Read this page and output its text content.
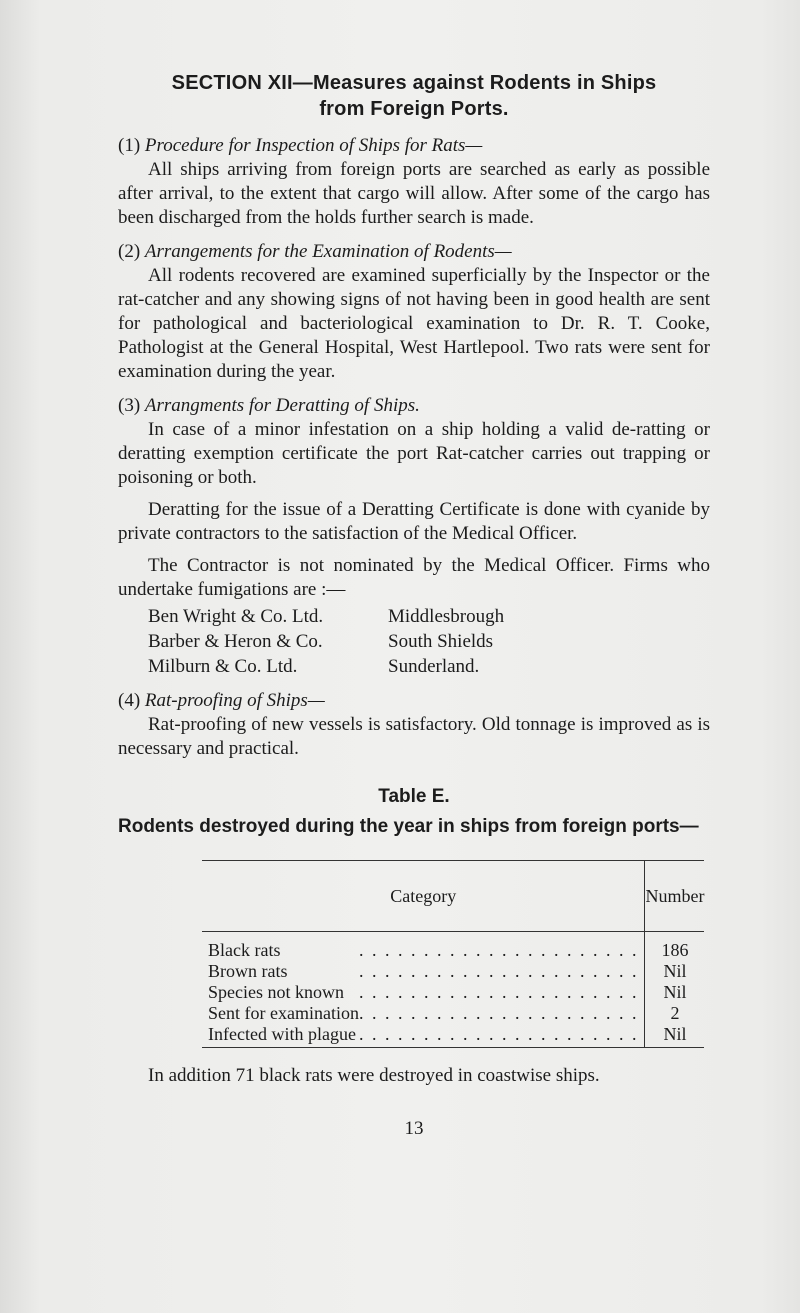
SECTION XII—Measures against Rodents in Ships
from Foreign Ports.

(1) Procedure for Inspection of Ships for Rats—

All ships arriving from foreign ports are searched as early as possible after arrival, to the extent that cargo will allow. After some of the cargo has been discharged from the holds further search is made.

(2) Arrangements for the Examination of Rodents—

All rodents recovered are examined superficially by the Inspector or the rat-catcher and any showing signs of not having been in good health are sent for pathological and bacteriological examination to Dr. R. T. Cooke, Pathologist at the General Hospital, West Hartlepool. Two rats were sent for examination during the year.

(3) Arrangments for Deratting of Ships.

In case of a minor infestation on a ship holding a valid de-ratting or deratting exemption certificate the port Rat-catcher carries out trapping or poisoning or both.

Deratting for the issue of a Deratting Certificate is done with cyanide by private contractors to the satisfaction of the Medical Officer.

The Contractor is not nominated by the Medical Officer. Firms who undertake fumigations are :—

Ben Wright & Co. Ltd.	Middlesbrough
Barber & Heron & Co.	South Shields
Milburn & Co. Ltd.	Sunderland.

(4) Rat-proofing of Ships—

Rat-proofing of new vessels is satisfactory. Old tonnage is improved as is necessary and practical.

Table E.
Rodents destroyed during the year in ships from foreign ports—
Category	Number

Black rats . . . . . . . . . . . . . . . . . . . . . .	186

Brown rats . . . . . . . . . . . . . . . . . . . . . .	Nil

Species not known . . . . . . . . . . . . . . . . . . . . . .	Nil

Sent for examination . . . . . . . . . . . . . . . . . . . . . .	2

Infected with plague . . . . . . . . . . . . . . . . . . . . . .	Nil

In addition 71 black rats were destroyed in coastwise ships.

13
